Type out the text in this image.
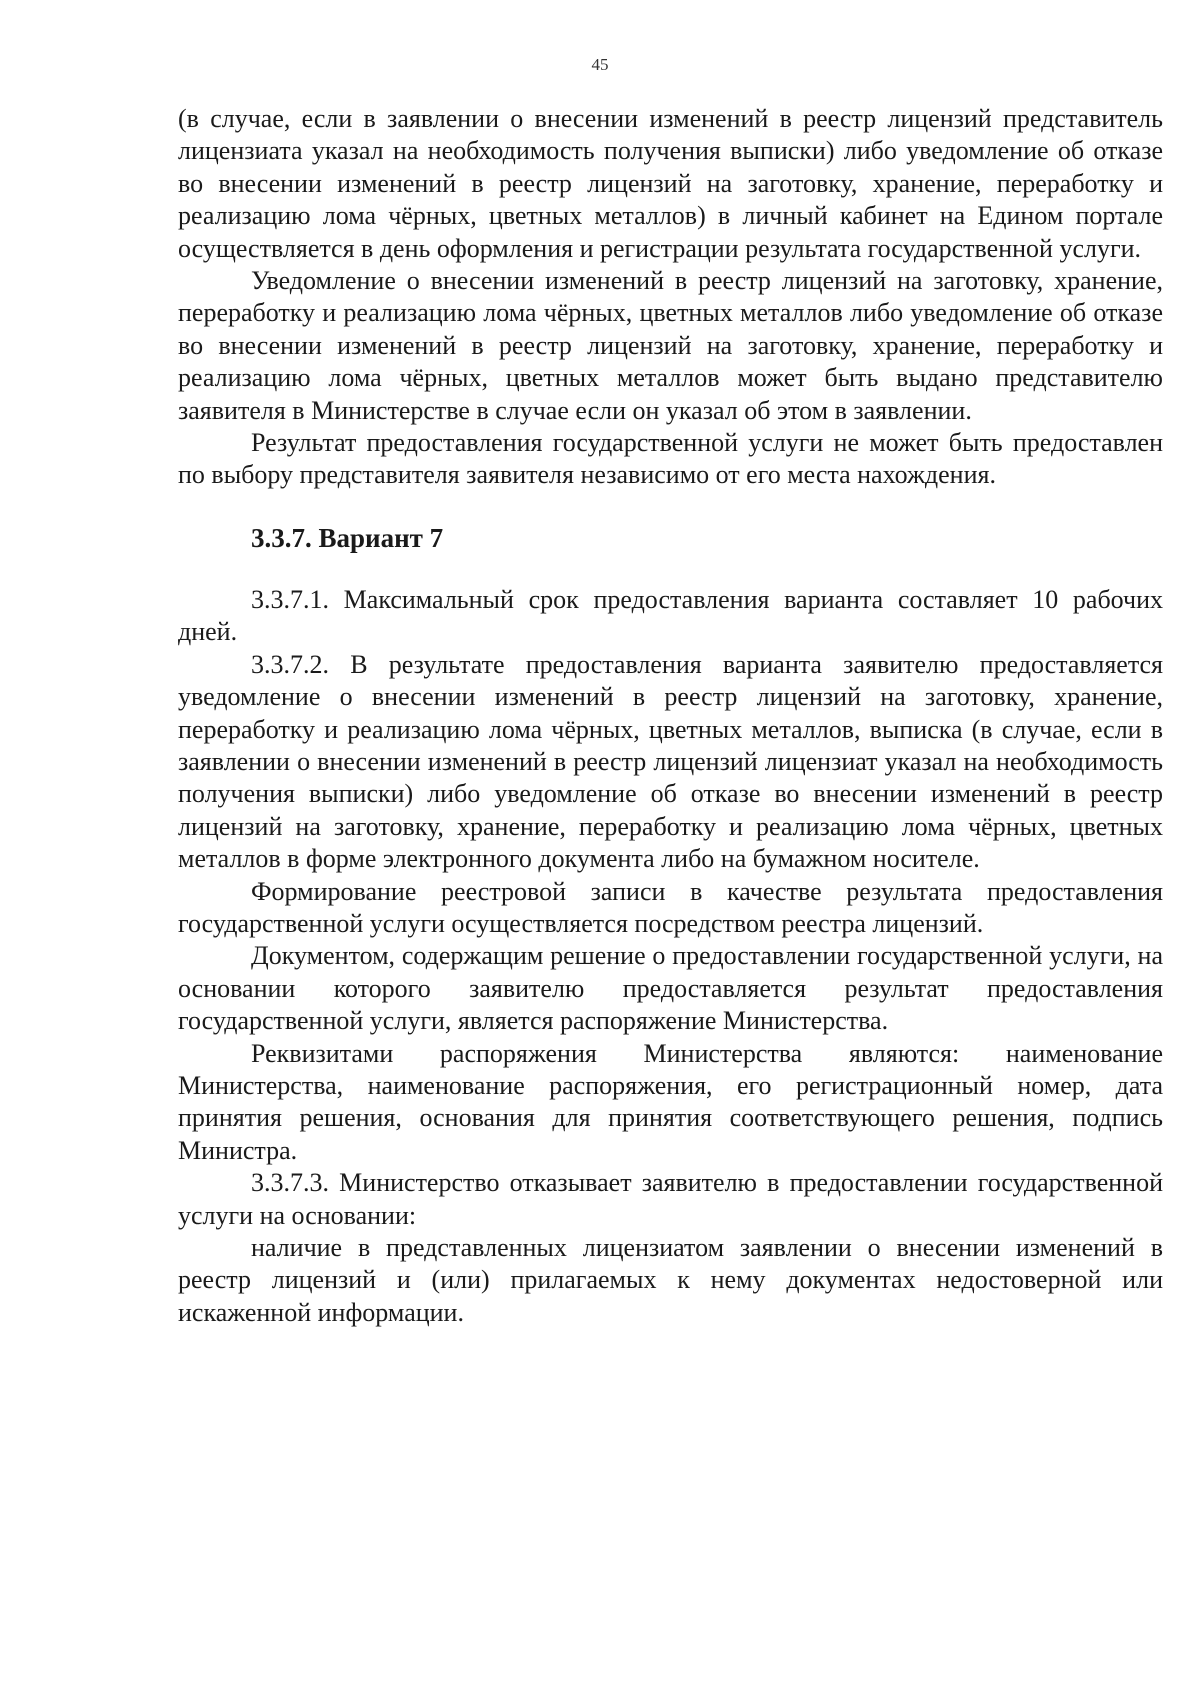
45

(в случае, если в заявлении о внесении изменений в реестр лицензий представитель лицензиата указал на необходимость получения выписки) либо уведомление об отказе во внесении изменений в реестр лицензий на заготовку, хранение, переработку и реализацию лома чёрных, цветных металлов) в личный кабинет на Едином портале осуществляется в день оформления и регистрации результата государственной услуги.

Уведомление о внесении изменений в реестр лицензий на заготовку, хранение, переработку и реализацию лома чёрных, цветных металлов либо уведомление об отказе во внесении изменений в реестр лицензий на заготовку, хранение, переработку и реализацию лома чёрных, цветных металлов может быть выдано представителю заявителя в Министерстве в случае если он указал об этом в заявлении.

Результат предоставления государственной услуги не может быть предоставлен по выбору представителя заявителя независимо от его места нахождения.

3.3.7. Вариант 7

3.3.7.1. Максимальный срок предоставления варианта составляет 10 рабочих дней.

3.3.7.2. В результате предоставления варианта заявителю предоставляется уведомление о внесении изменений в реестр лицензий на заготовку, хранение, переработку и реализацию лома чёрных, цветных металлов, выписка (в случае, если в заявлении о внесении изменений в реестр лицензий лицензиат указал на необходимость получения выписки) либо уведомление об отказе во внесении изменений в реестр лицензий на заготовку, хранение, переработку и реализацию лома чёрных, цветных металлов в форме электронного документа либо на бумажном носителе.

Формирование реестровой записи в качестве результата предоставления государственной услуги осуществляется посредством реестра лицензий.

Документом, содержащим решение о предоставлении государственной услуги, на основании которого заявителю предоставляется результат предоставления государственной услуги, является распоряжение Министерства.

Реквизитами распоряжения Министерства являются: наименование Министерства, наименование распоряжения, его регистрационный номер, дата принятия решения, основания для принятия соответствующего решения, подпись Министра.

3.3.7.3. Министерство отказывает заявителю в предоставлении государственной услуги на основании:

наличие в представленных лицензиатом заявлении о внесении изменений в реестр лицензий и (или) прилагаемых к нему документах недостоверной или искаженной информации.
